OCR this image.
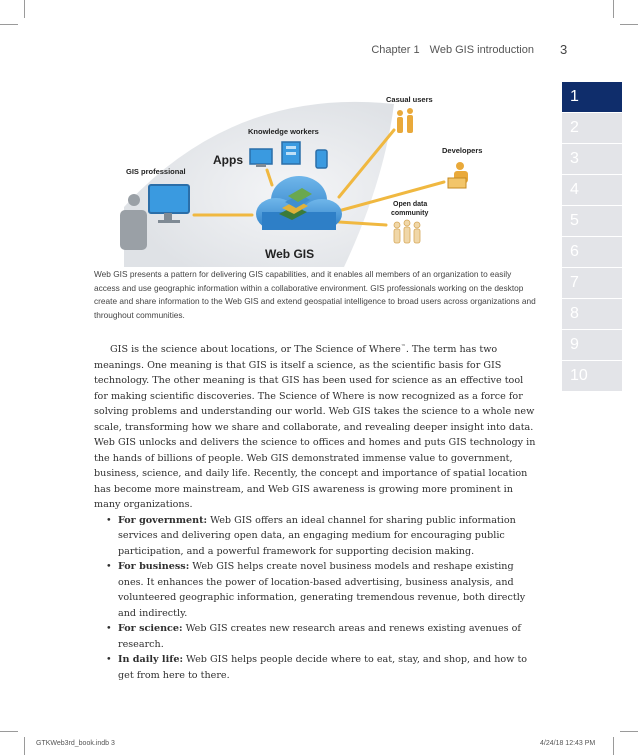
Chapter 1 Web GIS introduction 3
1
2
3
4
5
6
7
8
9
10
GIS professional
Apps
Knowledge workers
Web GIS
Casual users
Developers
Open data
community
Web GIS presents a pattern for delivering GIS capabilities, and it enables all members of an organization to easily access and use geographic information within a collaborative environment. GIS professionals working on the desktop create and share information to the Web GIS and extend geospatial intelligence to broad users across organizations and throughout communities.

GIS is the science about locations, or The Science of Where™. The term has two meanings. One meaning is that GIS is itself a science, as the scientific basis for GIS technology. The other meaning is that GIS has been used for science as an effective tool for making scientific discoveries. The Science of Where is now recognized as a force for solving problems and understanding our world. Web GIS takes the science to a whole new scale, transforming how we share and collaborate, and revealing deeper insight into data. Web GIS unlocks and delivers the science to offices and homes and puts GIS technology in the hands of billions of people. Web GIS demonstrated immense value to government, business, science, and daily life. Recently, the concept and importance of spatial location has become more mainstream, and Web GIS awareness is growing more prominent in many organizations.

• For government: Web GIS offers an ideal channel for sharing public information services and delivering open data, an engaging medium for encouraging public participation, and a powerful framework for supporting decision making.
• For business: Web GIS helps create novel business models and reshape existing ones. It enhances the power of location-based advertising, business analysis, and volunteered geographic information, generating tremendous revenue, both directly and indirectly.
• For science: Web GIS creates new research areas and renews existing avenues of research.
• In daily life: Web GIS helps people decide where to eat, stay, and shop, and how to get from here to there.
GTKWeb3rd_book.indb 3	4/24/18 12:43 PM
